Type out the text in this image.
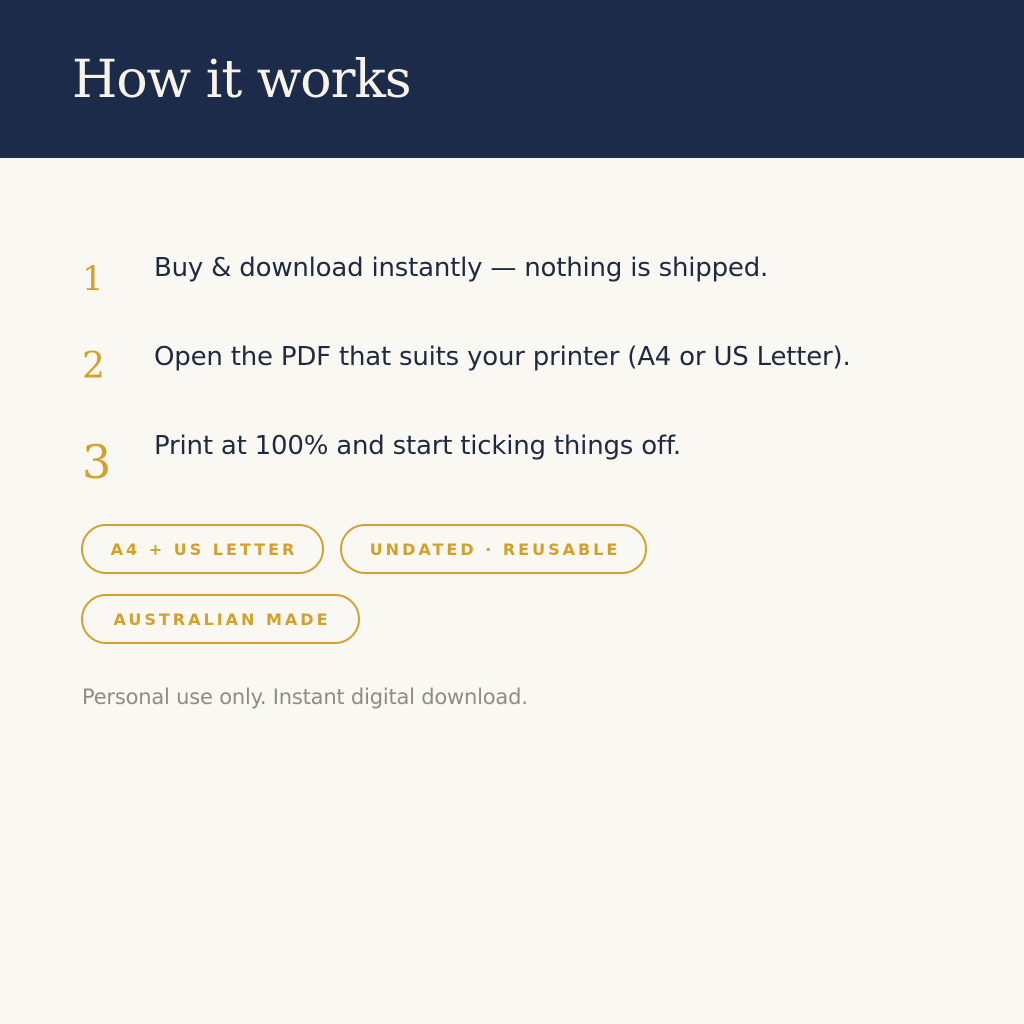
How it works
1 Buy & download instantly — nothing is shipped.
2 Open the PDF that suits your printer (A4 or US Letter).
3 Print at 100% and start ticking things off.
A4 + US LETTER	UNDATED · REUSABLE
AUSTRALIAN MADE
Personal use only. Instant digital download.
